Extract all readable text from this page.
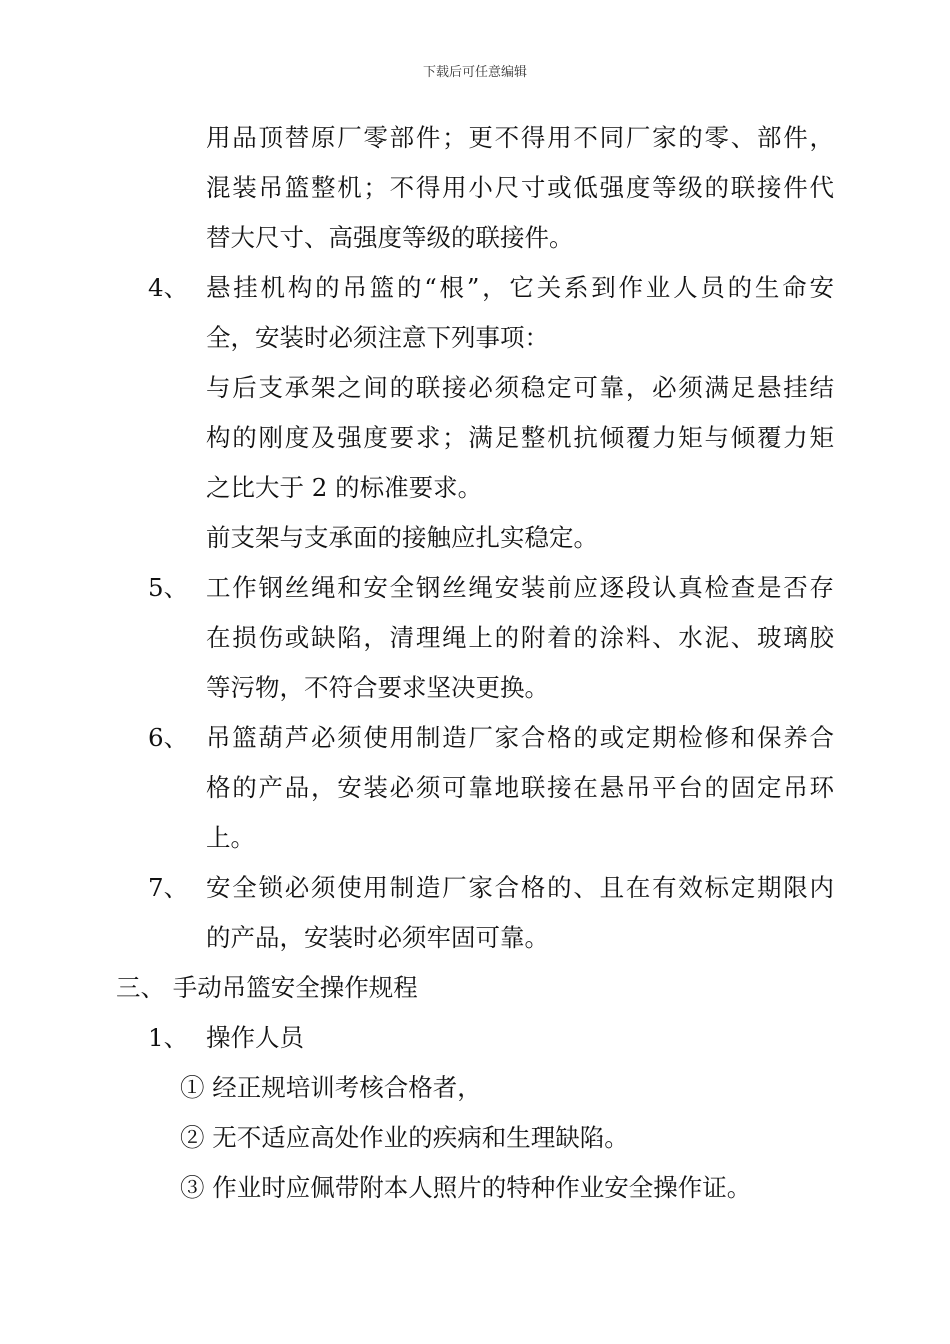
下载后可任意编辑
用品顶替原厂零部件；更不得用不同厂家的零、部件，
混装吊篮整机；不得用小尺寸或低强度等级的联接件代
替大尺寸、高强度等级的联接件。
4、 悬挂机构的吊篮的“根”，它关系到作业人员的生命安
全，安装时必须注意下列事项：
与后支承架之间的联接必须稳定可靠，必须满足悬挂结
构的刚度及强度要求；满足整机抗倾覆力矩与倾覆力矩
之比大于 2 的标准要求。
前支架与支承面的接触应扎实稳定。
5、 工作钢丝绳和安全钢丝绳安装前应逐段认真检查是否存
在损伤或缺陷，清理绳上的附着的涂料、水泥、玻璃胶
等污物，不符合要求坚决更换。
6、 吊篮葫芦必须使用制造厂家合格的或定期检修和保养合
格的产品，安装必须可靠地联接在悬吊平台的固定吊环
上。
7、 安全锁必须使用制造厂家合格的、且在有效标定期限内
的产品，安装时必须牢固可靠。
三、 手动吊篮安全操作规程
1、 操作人员
① 经正规培训考核合格者，
② 无不适应高处作业的疾病和生理缺陷。
③ 作业时应佩带附本人照片的特种作业安全操作证。
